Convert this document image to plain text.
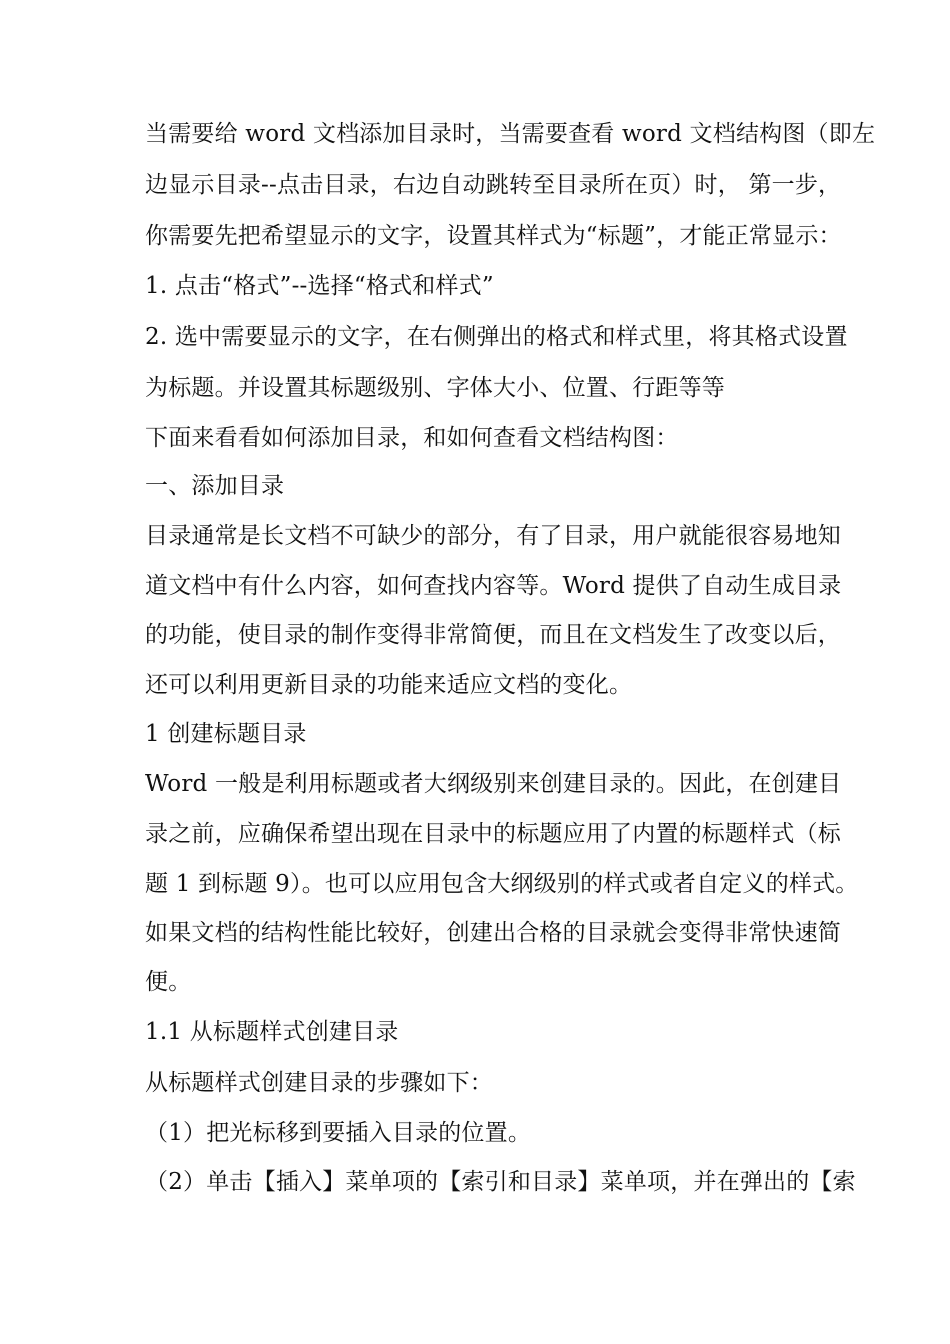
当需要给 word 文档添加目录时，当需要查看 word 文档结构图（即左
边显示目录--点击目录，右边自动跳转至目录所在页）时， 第一步，
你需要先把希望显示的文字，设置其样式为“标题”，才能正常显示：
1. 点击“格式”--选择“格式和样式”
2. 选中需要显示的文字，在右侧弹出的格式和样式里，将其格式设置
为标题。并设置其标题级别、字体大小、位置、行距等等
下面来看看如何添加目录，和如何查看文档结构图：
一、添加目录
目录通常是长文档不可缺少的部分，有了目录，用户就能很容易地知
道文档中有什么内容，如何查找内容等。Word 提供了自动生成目录
的功能，使目录的制作变得非常简便，而且在文档发生了改变以后，
还可以利用更新目录的功能来适应文档的变化。
1 创建标题目录
Word 一般是利用标题或者大纲级别来创建目录的。因此，在创建目
录之前，应确保希望出现在目录中的标题应用了内置的标题样式（标
题 1 到标题 9）。也可以应用包含大纲级别的样式或者自定义的样式。
如果文档的结构性能比较好，创建出合格的目录就会变得非常快速简
便。
1.1 从标题样式创建目录
从标题样式创建目录的步骤如下：
（1）把光标移到要插入目录的位置。
（2）单击【插入】菜单项的【索引和目录】菜单项，并在弹出的【索
